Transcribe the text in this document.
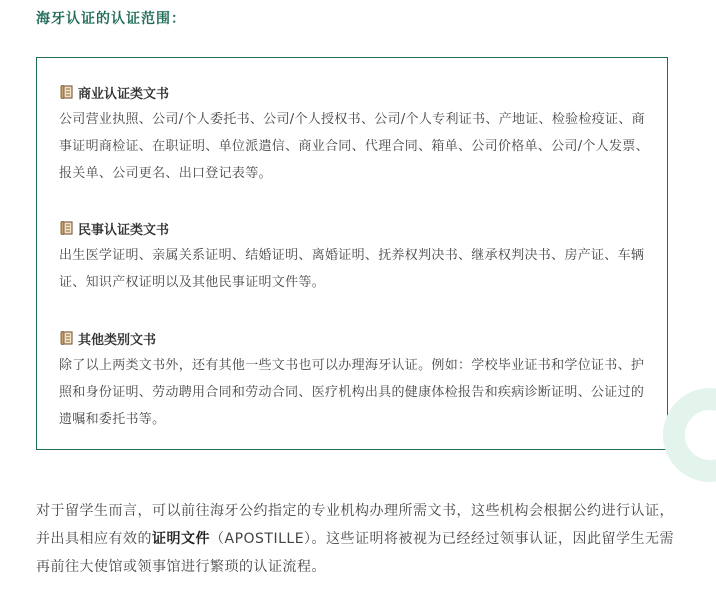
海牙认证的认证范围：
商业认证类文书
公司营业执照、公司/个人委托书、公司/个人授权书、公司/个人专利证书、产地证、检验检疫证、商事证明商检证、在职证明、单位派遣信、商业合同、代理合同、箱单、公司价格单、公司/个人发票、报关单、公司更名、出口登记表等。
民事认证类文书
出生医学证明、亲属关系证明、结婚证明、离婚证明、抚养权判决书、继承权判决书、房产证、车辆证、知识产权证明以及其他民事证明文件等。
其他类别文书
除了以上两类文书外，还有其他一些文书也可以办理海牙认证。例如：学校毕业证书和学位证书、护照和身份证明、劳动聘用合同和劳动合同、医疗机构出具的健康体检报告和疾病诊断证明、公证过的遗嘱和委托书等。
对于留学生而言，可以前往海牙公约指定的专业机构办理所需文书，这些机构会根据公约进行认证，并出具相应有效的证明文件（APOSTILLE）。这些证明将被视为已经经过领事认证，因此留学生无需再前往大使馆或领事馆进行繁琐的认证流程。
